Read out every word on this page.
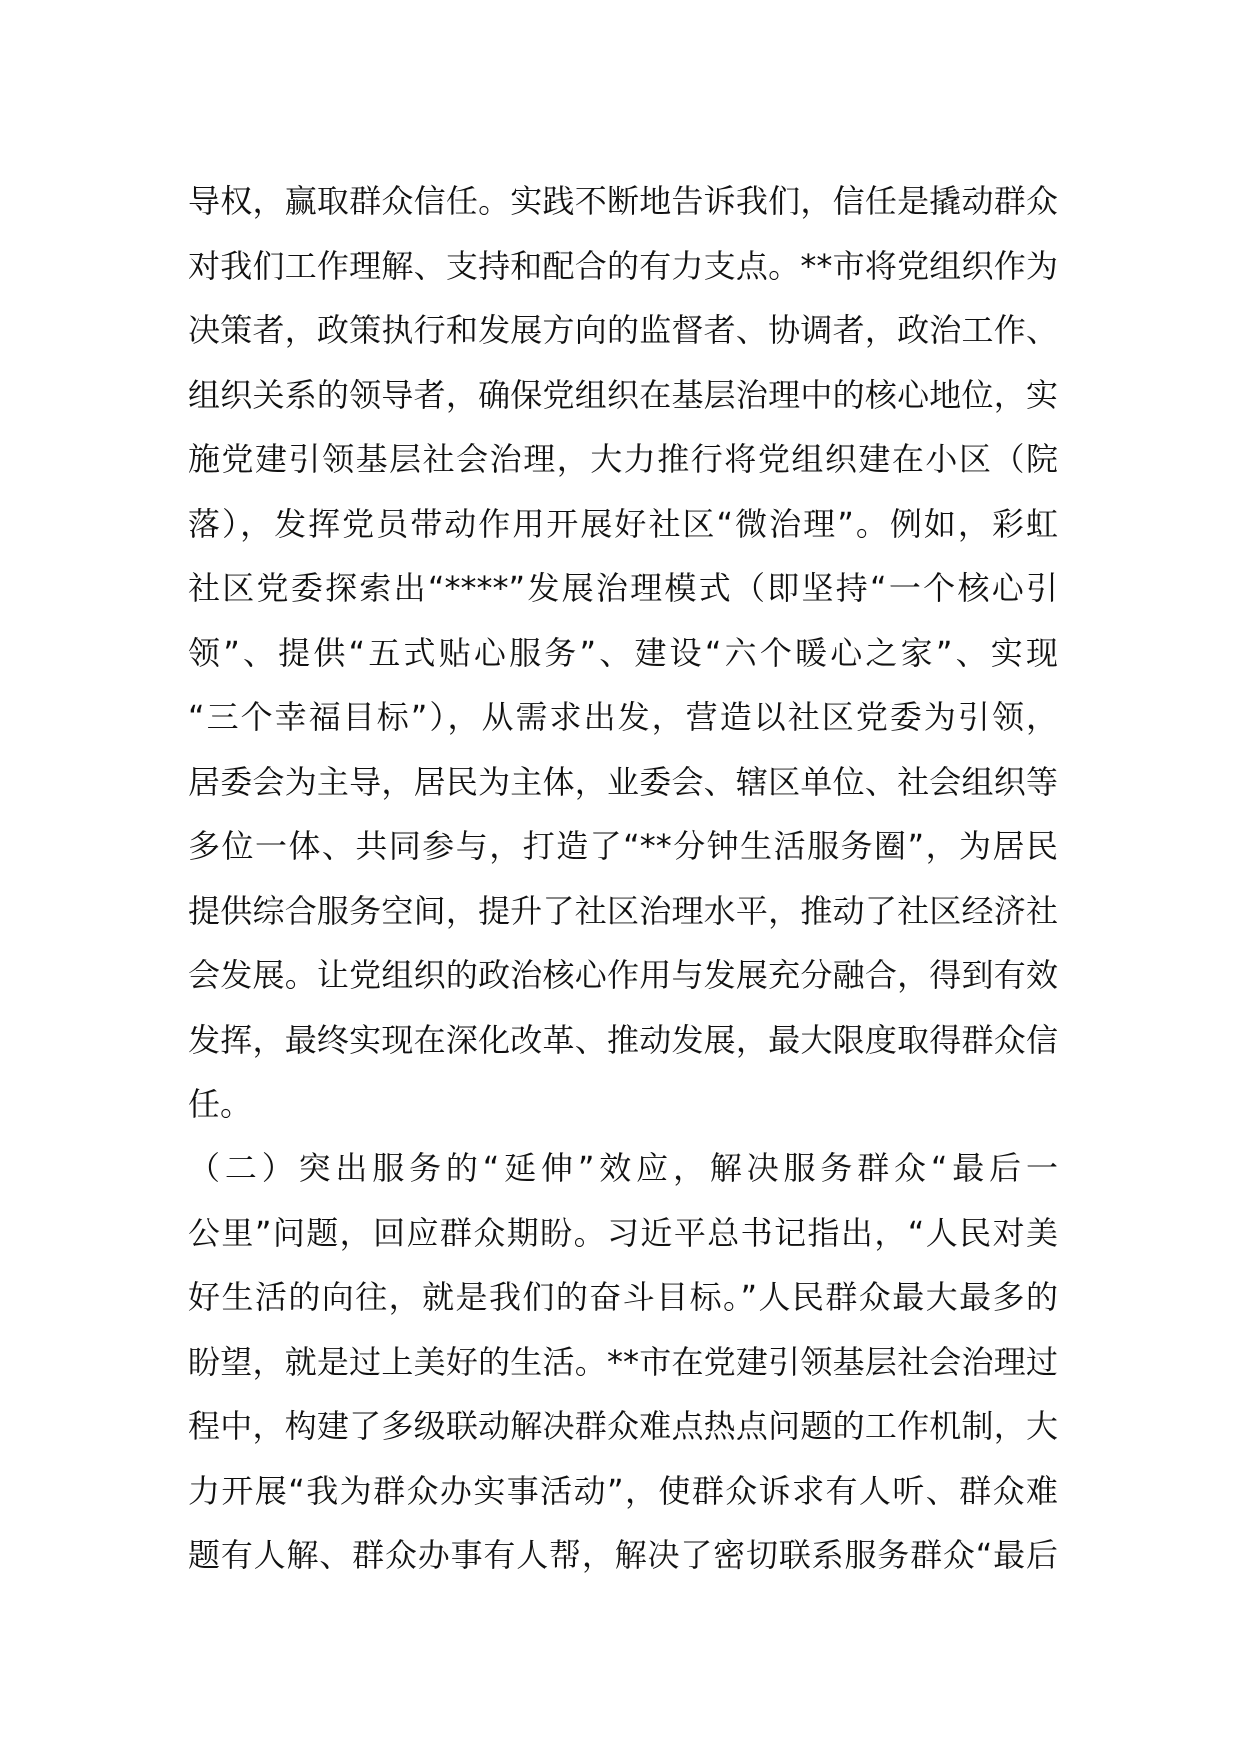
导权，赢取群众信任。实践不断地告诉我们，信任是撬动群众
对我们工作理解、支持和配合的有力支点。**市将党组织作为
决策者，政策执行和发展方向的监督者、协调者，政治工作、
组织关系的领导者，确保党组织在基层治理中的核心地位，实
施党建引领基层社会治理，大力推行将党组织建在小区（院
落），发挥党员带动作用开展好社区“微治理”。例如，彩虹
社区党委探索出“****”发展治理模式（即坚持“一个核心引
领”、提供“五式贴心服务”、建设“六个暖心之家”、实现
“三个幸福目标”），从需求出发，营造以社区党委为引领，
居委会为主导，居民为主体，业委会、辖区单位、社会组织等
多位一体、共同参与，打造了“**分钟生活服务圈”，为居民
提供综合服务空间，提升了社区治理水平，推动了社区经济社
会发展。让党组织的政治核心作用与发展充分融合，得到有效
发挥，最终实现在深化改革、推动发展，最大限度取得群众信
任。
（二）突出服务的“延伸”效应，解决服务群众“最后一
公里”问题，回应群众期盼。习近平总书记指出，“人民对美
好生活的向往，就是我们的奋斗目标。”人民群众最大最多的
盼望，就是过上美好的生活。**市在党建引领基层社会治理过
程中，构建了多级联动解决群众难点热点问题的工作机制，大
力开展“我为群众办实事活动”，使群众诉求有人听、群众难
题有人解、群众办事有人帮，解决了密切联系服务群众“最后
